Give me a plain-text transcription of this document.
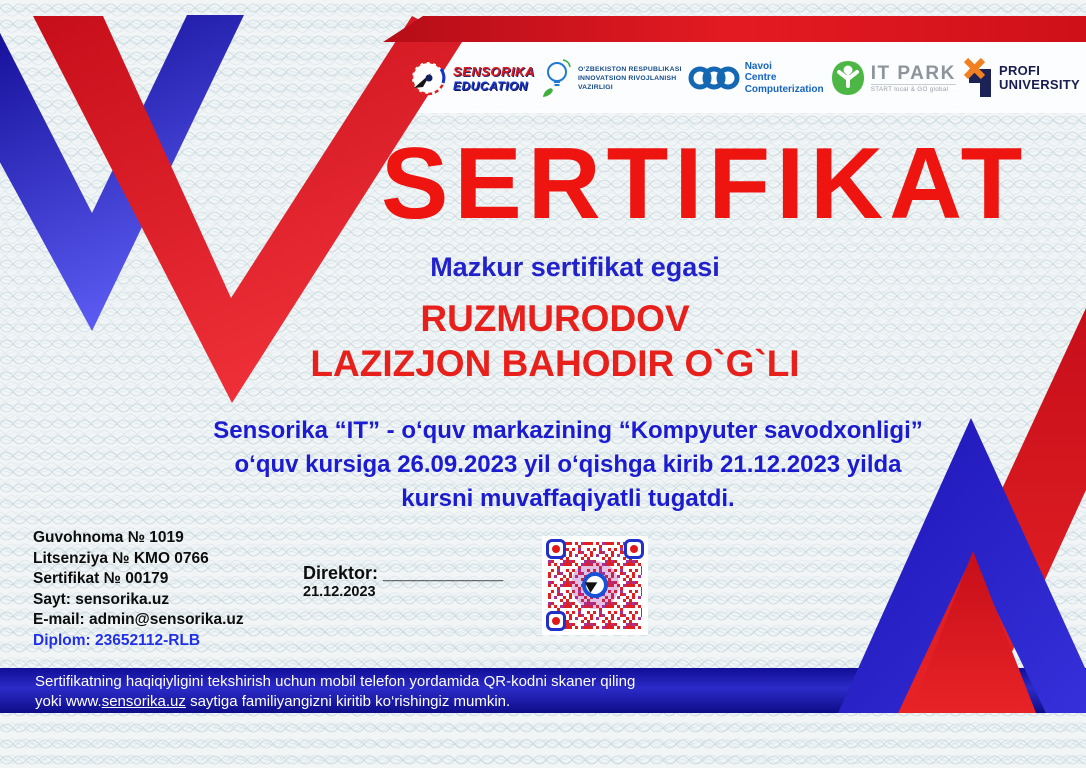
SENSORIKA
EDUCATION
O‘ZBEKISTON RESPUBLIKASI
INNOVATSION RIVOJLANISH
VAZIRLIGI
Navoi
Centre
Computerization
IT PARK
START local & GO global
PROFI
UNIVERSITY
SERTIFIKAT
Mazkur sertifikat egasi
RUZMURODOV
LAZIZJON BAHODIR O`G`LI
Sensorika “IT” - o‘quv markazining “Kompyuter savodxonligi”
o‘quv kursiga 26.09.2023 yil o‘qishga kirib 21.12.2023 yilda
kursni muvaffaqiyatli tugatdi.
Guvohnoma № 1019
Litsenziya № KMO 0766
Sertifikat № 00179
Sayt: sensorika.uz
E-mail: admin@sensorika.uz
Diplom: 23652112-RLB
Direktor: ____________
21.12.2023
Sertifikatning haqiqiyligini tekshirish uchun mobil telefon yordamida QR-kodni skaner qiling
yoki www.sensorika.uz saytiga familiyangizni kiritib ko‘rishingiz mumkin.
